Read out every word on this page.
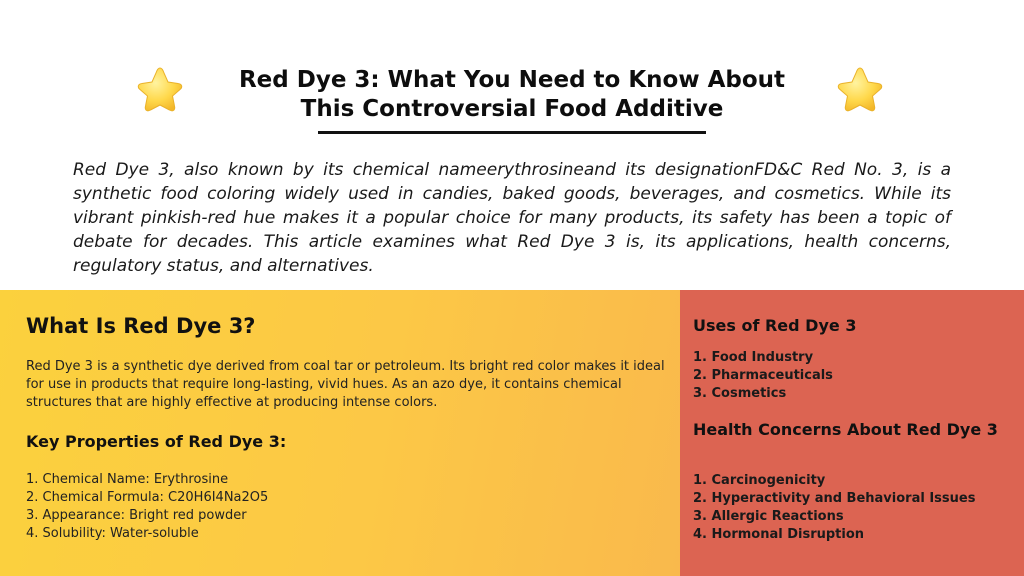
Red Dye 3: What You Need to Know About
This Controversial Food Additive

Red Dye 3, also known by its chemical nameerythrosineand its designationFD&C Red No. 3, is a synthetic food coloring widely used in candies, baked goods, beverages, and cosmetics. While its vibrant pinkish-red hue makes it a popular choice for many products, its safety has been a topic of debate for decades. This article examines what Red Dye 3 is, its applications, health concerns, regulatory status, and alternatives.

What Is Red Dye 3?

Red Dye 3 is a synthetic dye derived from coal tar or petroleum. Its bright red color makes it ideal for use in products that require long-lasting, vivid hues. As an azo dye, it contains chemical structures that are highly effective at producing intense colors.

Key Properties of Red Dye 3:
1. Chemical Name: Erythrosine
2. Chemical Formula: C20H6I4Na2O5
3. Appearance: Bright red powder
4. Solubility: Water-soluble
Uses of Red Dye 3
1. Food Industry
2. Pharmaceuticals
3. Cosmetics
Health Concerns About Red Dye 3
1. Carcinogenicity
2. Hyperactivity and Behavioral Issues
3. Allergic Reactions
4. Hormonal Disruption
